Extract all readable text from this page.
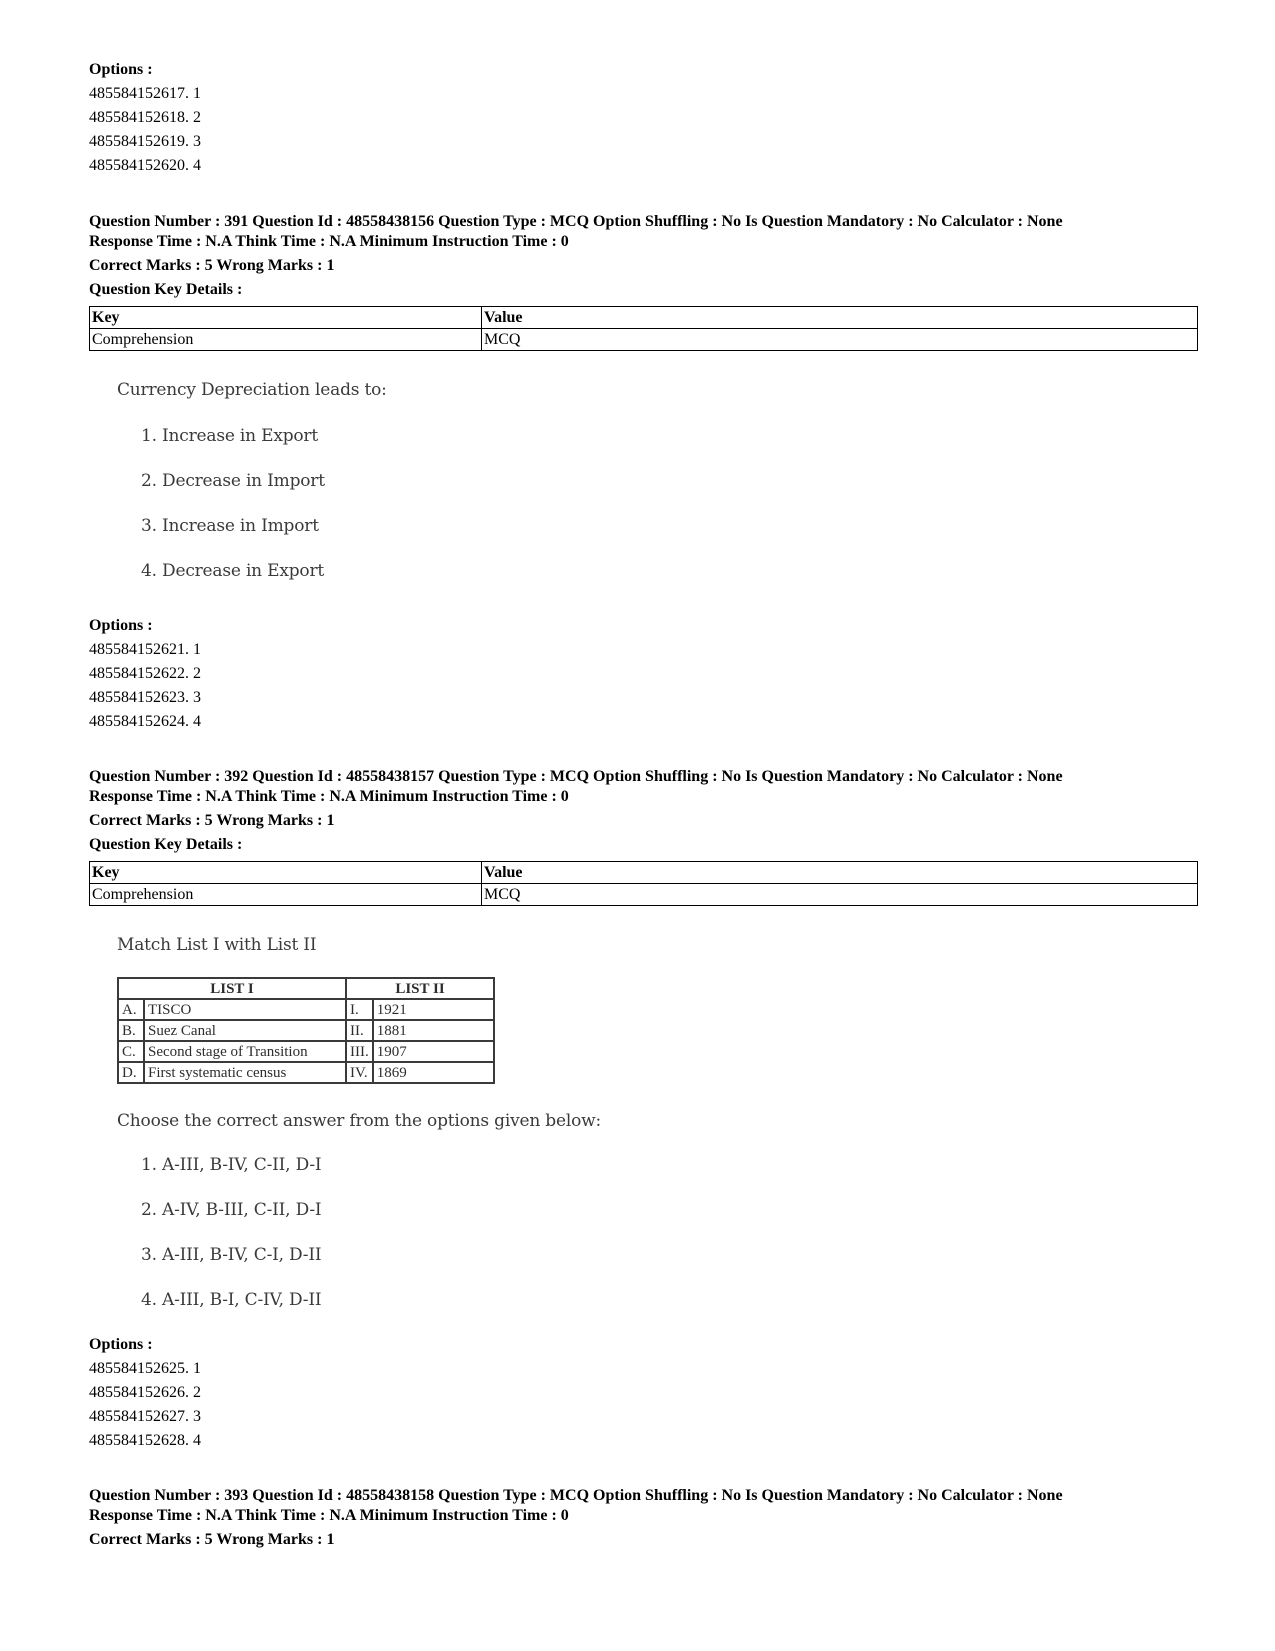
Options :
485584152617. 1
485584152618. 2
485584152619. 3
485584152620. 4
Question Number : 391 Question Id : 48558438156 Question Type : MCQ Option Shuffling : No Is Question Mandatory : No Calculator : None
Response Time : N.A Think Time : N.A Minimum Instruction Time : 0
Correct Marks : 5 Wrong Marks : 1
Question Key Details :
Key	Value
Comprehension	MCQ
Currency Depreciation leads to:
1. Increase in Export
2. Decrease in Import
3. Increase in Import
4. Decrease in Export
Options :
485584152621. 1
485584152622. 2
485584152623. 3
485584152624. 4
Question Number : 392 Question Id : 48558438157 Question Type : MCQ Option Shuffling : No Is Question Mandatory : No Calculator : None
Response Time : N.A Think Time : N.A Minimum Instruction Time : 0
Correct Marks : 5 Wrong Marks : 1
Question Key Details :
Key	Value
Comprehension	MCQ
Match List I with List II
LIST I		LIST II	
A.	TISCO	I.	1921
B.	Suez Canal	II.	1881
C.	Second stage of Transition	III.	1907
D.	First systematic census	IV.	1869
Choose the correct answer from the options given below:
1. A-III, B-IV, C-II, D-I
2. A-IV, B-III, C-II, D-I
3. A-III, B-IV, C-I, D-II
4. A-III, B-I, C-IV, D-II
Options :
485584152625. 1
485584152626. 2
485584152627. 3
485584152628. 4
Question Number : 393 Question Id : 48558438158 Question Type : MCQ Option Shuffling : No Is Question Mandatory : No Calculator : None
Response Time : N.A Think Time : N.A Minimum Instruction Time : 0
Correct Marks : 5 Wrong Marks : 1
